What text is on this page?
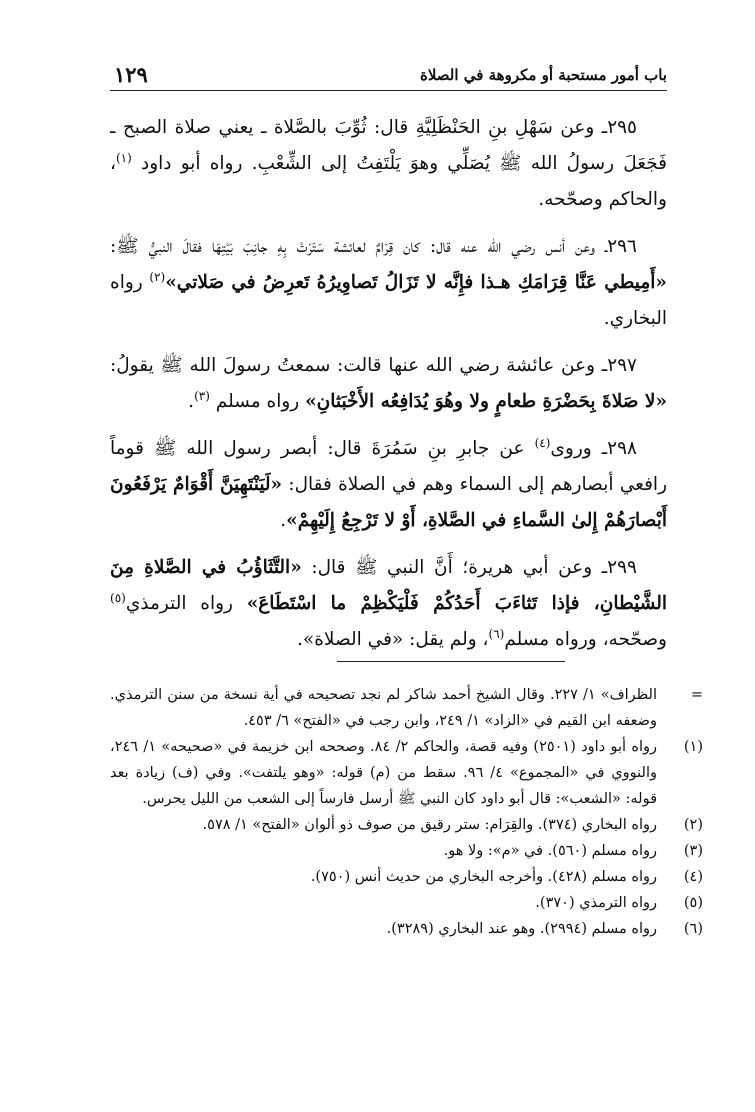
١٢٩	باب أمور مستحبة أو مكروهة في الصلاة

٢٩٥ـ وعن سَهْلِ بنِ الحَنْظَلِيَّةِ قال: ثُوِّبَ بالصَّلاة ـ يعني صلاة الصبح ـ فَجَعَلَ رسولُ الله ﷺ يُصَلِّي وهوَ يَلْتَفِتُ إلى الشِّعْبِ. رواه أبو داود $^{(١)}$، والحاكم وصحّحه.

٢٩٦ـ وعن أنس رضي الله عنه قال: كان قِرَامٌ لعائشة سَتَرَتْ بِهِ جانِبَ بَيْتِهَا فقالَ النبيُّ ﷺ: «أَمِيطي عَنَّا قِرَامَكِ هـذا فإِنَّه لا تَزَالُ تَصاوِيرُهُ تَعرِضُ في صَلاتي»$^{(٢)}$ رواه البخاري.

٢٩٧ـ وعن عائشة رضي الله عنها قالت: سمعتُ رسولَ الله ﷺ يقولُ: «لا صَلاةَ بِحَضْرَةِ طعامٍ ولا وهُوَ يُدَافِعُه الأَخْبَثانِ» رواه مسلم $^{(٣)}$.

٢٩٨ـ وروى$^{(٤)}$ عن جابرِ بنِ سَمُرَةَ قال: أبصر رسول الله ﷺ قوماً رافعي أبصارهم إلى السماء وهم في الصلاة فقال: «لَيَنْتَهِيَنَّ أَقْوَامٌ يَرْفَعُونَ أَبْصارَهُمْ إِلىٰ السَّماءِ في الصَّلاةِ، أَوْ لا تَرْجِعُ إِلَيْهِمْ».

٢٩٩ـ وعن أبي هريرة؛ أَنَّ النبي ﷺ قال: «التَّثَاؤُبُ في الصَّلاةِ مِنَ الشَّيْطانِ، فإذا تَثاءَبَ أَحَدُكُمْ فَلْيَكْظِمْ ما اسْتَطَاعَ» رواه الترمذي$^{(٥)}$ وصحّحه، ورواه مسلم$^{(٦)}$، ولم يقل: «في الصلاة».

=
الظراف» ١/ ٢٢٧. وقال الشيخ أحمد شاكر لم نجد تصحيحه في أية نسخة من سنن الترمذي. وضعفه ابن القيم في «الزاد» ١/ ٢٤٩، وابن رجب في «الفتح» ٦/ ٤٥٣.
(١)
رواه أبو داود (٢٥٠١) وفيه قصة، والحاكم ٢/ ٨٤. وصححه ابن خزيمة في «صحيحه» ١/ ٢٤٦، والنووي في «المجموع» ٤/ ٩٦. سقط من (م) قوله: «وهو يلتفت». وفي (ف) زيادة بعد قوله: «الشعب»: قال أبو داود كان النبي ﷺ أرسل فارساً إلى الشعب من الليل يحرس.
(٢)
رواه البخاري (٣٧٤). والقِرَام: ستر رقيق من صوف ذو ألوان «الفتح» ١/ ٥٧٨.
(٣)
رواه مسلم (٥٦٠). في «م»: ولا هو.
(٤)
رواه مسلم (٤٢٨). وأخرجه البخاري من حديث أنس (٧٥٠).
(٥)
رواه الترمذي (٣٧٠).
(٦)
رواه مسلم (٢٩٩٤). وهو عند البخاري (٣٢٨٩).
